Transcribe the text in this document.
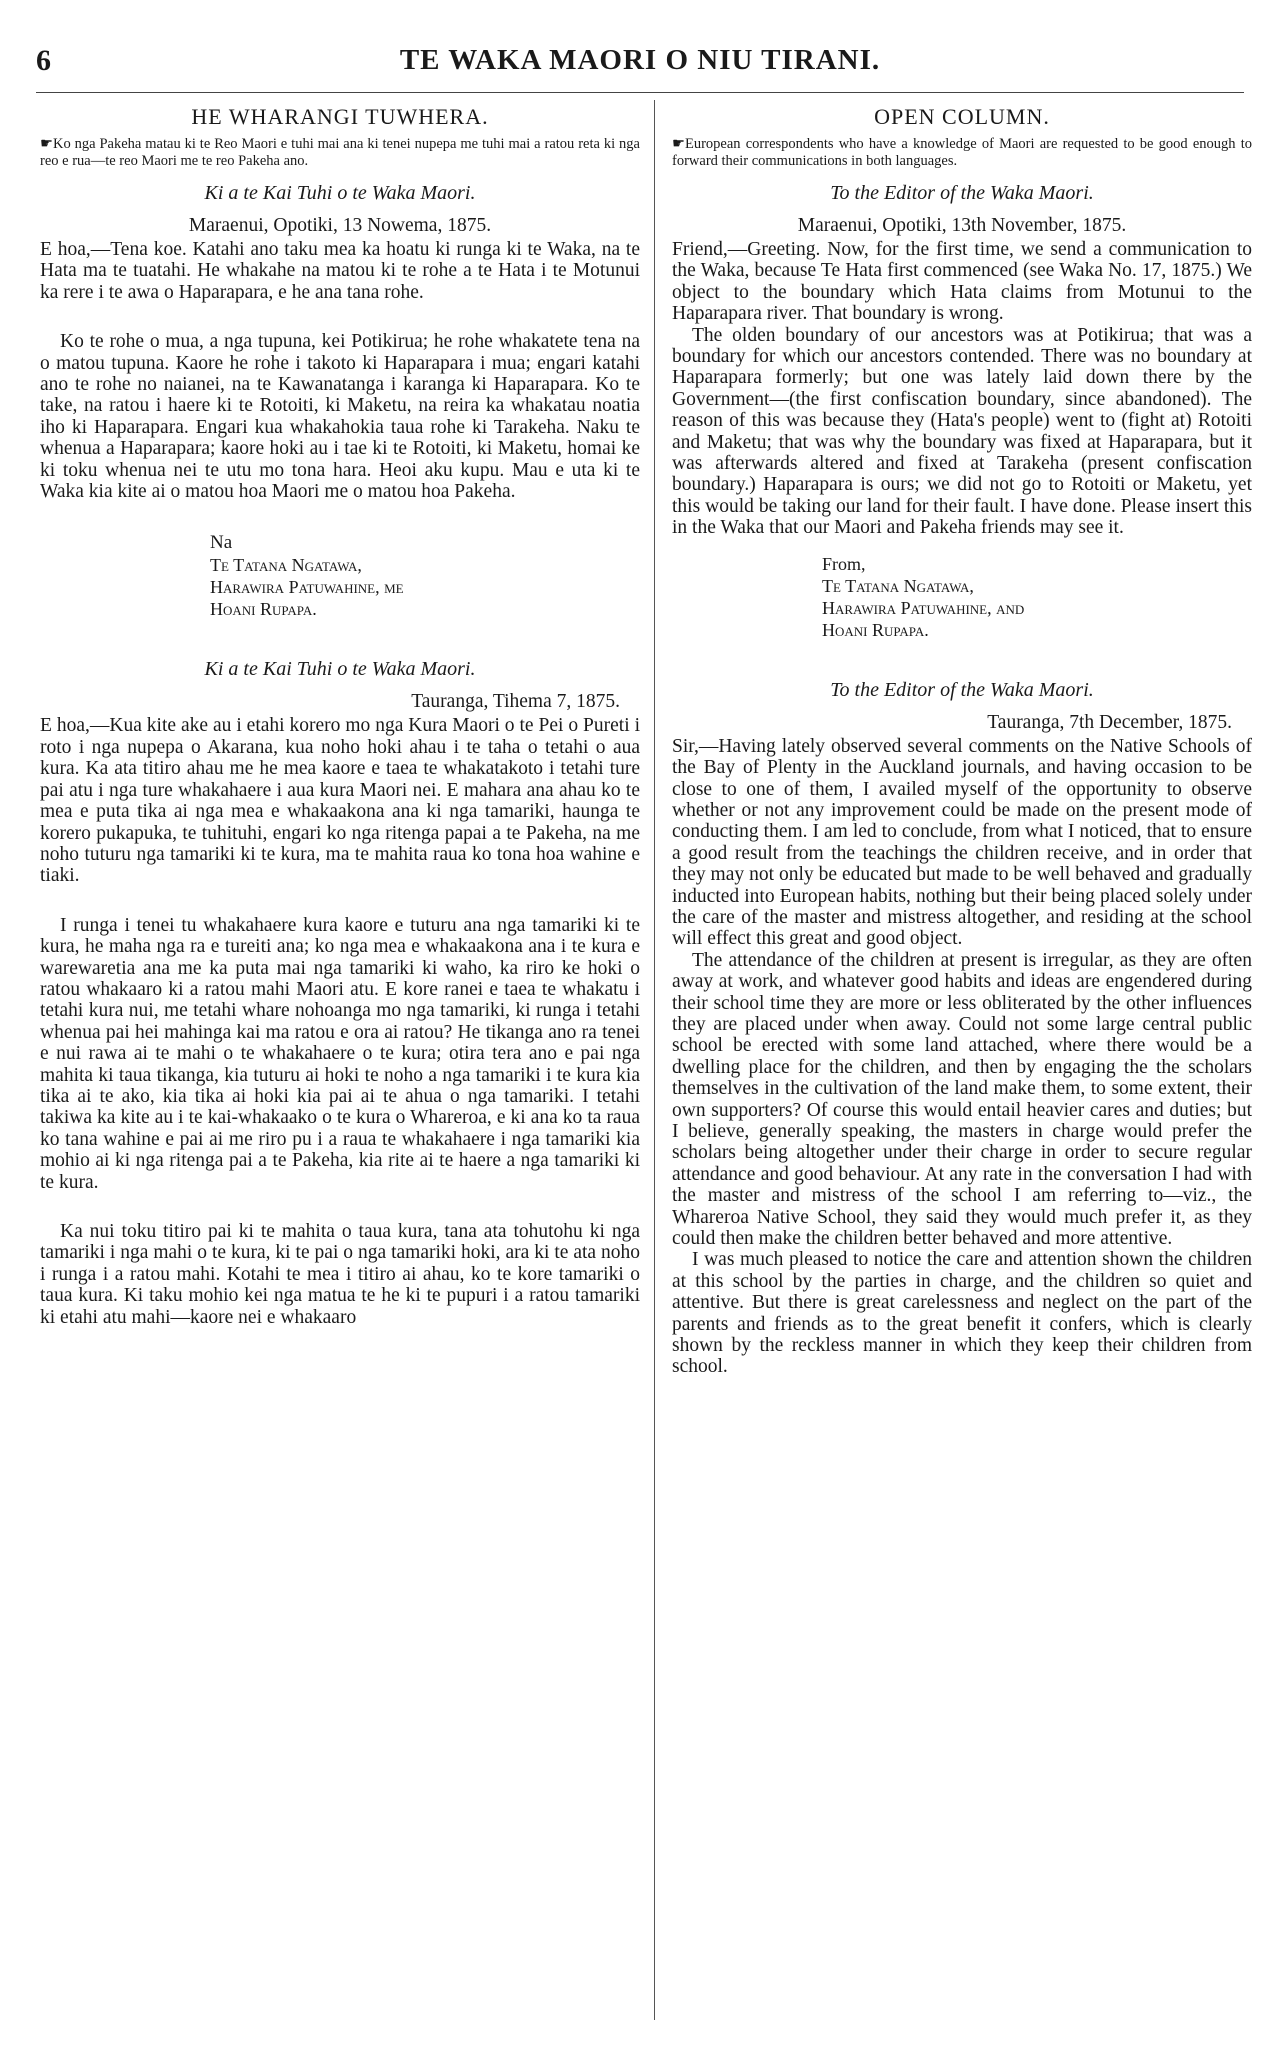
6	TE WAKA MAORI O NIU TIRANI.
HE WHARANGI TUWHERA.

☛Ko nga Pakeha matau ki te Reo Maori e tuhi mai ana ki tenei nupepa me tuhi mai a ratou reta ki nga reo e rua—te reo Maori me te reo Pakeha ano.

Ki a te Kai Tuhi o te Waka Maori.
Maraenui, Opotiki, 13 Nowema, 1875.

E hoa,—Tena koe. Katahi ano taku mea ka hoatu ki runga ki te Waka, na te Hata ma te tuatahi. He whakahe na matou ki te rohe a te Hata i te Motunui ka rere i te awa o Haparapara, e he ana tana rohe.

Ko te rohe o mua, a nga tupuna, kei Potikirua; he rohe whakatete tena na o matou tupuna. Kaore he rohe i takoto ki Haparapara i mua; engari katahi ano te rohe no naianei, na te Kawanatanga i karanga ki Haparapara. Ko te take, na ratou i haere ki te Rotoiti, ki Maketu, na reira ka whakatau noatia iho ki Haparapara. Engari kua whakahokia taua rohe ki Tarakeha. Naku te whenua a Haparapara; kaore hoki au i tae ki te Rotoiti, ki Maketu, homai ke ki toku whenua nei te utu mo tona hara. Heoi aku kupu. Mau e uta ki te Waka kia kite ai o matou hoa Maori me o matou hoa Pakeha.

Na
Te Tatana Ngatawa,
Harawira Patuwahine, me
Hoani Rupapa.
Ki a te Kai Tuhi o te Waka Maori.
Tauranga, Tihema 7, 1875.

E hoa,—Kua kite ake au i etahi korero mo nga Kura Maori o te Pei o Pureti i roto i nga nupepa o Akarana, kua noho hoki ahau i te taha o tetahi o aua kura. Ka ata titiro ahau me he mea kaore e taea te whakatakoto i tetahi ture pai atu i nga ture whakahaere i aua kura Maori nei. E mahara ana ahau ko te mea e puta tika ai nga mea e whakaakona ana ki nga tamariki, haunga te korero pukapuka, te tuhituhi, engari ko nga ritenga papai a te Pakeha, na me noho tuturu nga tamariki ki te kura, ma te mahita raua ko tona hoa wahine e tiaki.

I runga i tenei tu whakahaere kura kaore e tuturu ana nga tamariki ki te kura, he maha nga ra e tureiti ana; ko nga mea e whakaakona ana i te kura e warewaretia ana me ka puta mai nga tamariki ki waho, ka riro ke hoki o ratou whakaaro ki a ratou mahi Maori atu. E kore ranei e taea te whakatu i tetahi kura nui, me tetahi whare nohoanga mo nga tamariki, ki runga i tetahi whenua pai hei mahinga kai ma ratou e ora ai ratou? He tikanga ano ra tenei e nui rawa ai te mahi o te whakahaere o te kura; otira tera ano e pai nga mahita ki taua tikanga, kia tuturu ai hoki te noho a nga tamariki i te kura kia tika ai te ako, kia tika ai hoki kia pai ai te ahua o nga tamariki. I tetahi takiwa ka kite au i te kai-whakaako o te kura o Whareroa, e ki ana ko ta raua ko tana wahine e pai ai me riro pu i a raua te whakahaere i nga tamariki kia mohio ai ki nga ritenga pai a te Pakeha, kia rite ai te haere a nga tamariki ki te kura.

Ka nui toku titiro pai ki te mahita o taua kura, tana ata tohutohu ki nga tamariki i nga mahi o te kura, ki te pai o nga tamariki hoki, ara ki te ata noho i runga i a ratou mahi. Kotahi te mea i titiro ai ahau, ko te kore tamariki o taua kura. Ki taku mohio kei nga matua te he ki te pupuri i a ratou tamariki ki etahi atu mahi—kaore nei e whakaaro

OPEN COLUMN.

☛European correspondents who have a knowledge of Maori are requested to be good enough to forward their communications in both languages.

To the Editor of the Waka Maori.
Maraenui, Opotiki, 13th November, 1875.

Friend,—Greeting. Now, for the first time, we send a communication to the Waka, because Te Hata first commenced (see Waka No. 17, 1875.) We object to the boundary which Hata claims from Motunui to the Haparapara river. That boundary is wrong.

The olden boundary of our ancestors was at Potikirua; that was a boundary for which our ancestors contended. There was no boundary at Haparapara formerly; but one was lately laid down there by the Government—(the first confiscation boundary, since abandoned). The reason of this was because they (Hata's people) went to (fight at) Rotoiti and Maketu; that was why the boundary was fixed at Haparapara, but it was afterwards altered and fixed at Tarakeha (present confiscation boundary.) Haparapara is ours; we did not go to Rotoiti or Maketu, yet this would be taking our land for their fault. I have done. Please insert this in the Waka that our Maori and Pakeha friends may see it.

From,
Te Tatana Ngatawa,
Harawira Patuwahine, and
Hoani Rupapa.
To the Editor of the Waka Maori.
Tauranga, 7th December, 1875.

Sir,—Having lately observed several comments on the Native Schools of the Bay of Plenty in the Auckland journals, and having occasion to be close to one of them, I availed myself of the opportunity to observe whether or not any improvement could be made on the present mode of conducting them. I am led to conclude, from what I noticed, that to ensure a good result from the teachings the children receive, and in order that they may not only be educated but made to be well behaved and gradually inducted into European habits, nothing but their being placed solely under the care of the master and mistress altogether, and residing at the school will effect this great and good object.

The attendance of the children at present is irregular, as they are often away at work, and whatever good habits and ideas are engendered during their school time they are more or less obliterated by the other influences they are placed under when away. Could not some large central public school be erected with some land attached, where there would be a dwelling place for the children, and then by engaging the the scholars themselves in the cultivation of the land make them, to some extent, their own supporters? Of course this would entail heavier cares and duties; but I believe, generally speaking, the masters in charge would prefer the scholars being altogether under their charge in order to secure regular attendance and good behaviour. At any rate in the conversation I had with the master and mistress of the school I am referring to—viz., the Whareroa Native School, they said they would much prefer it, as they could then make the children better behaved and more attentive.

I was much pleased to notice the care and attention shown the children at this school by the parties in charge, and the children so quiet and attentive. But there is great carelessness and neglect on the part of the parents and friends as to the great benefit it confers, which is clearly shown by the reckless manner in which they keep their children from school.
